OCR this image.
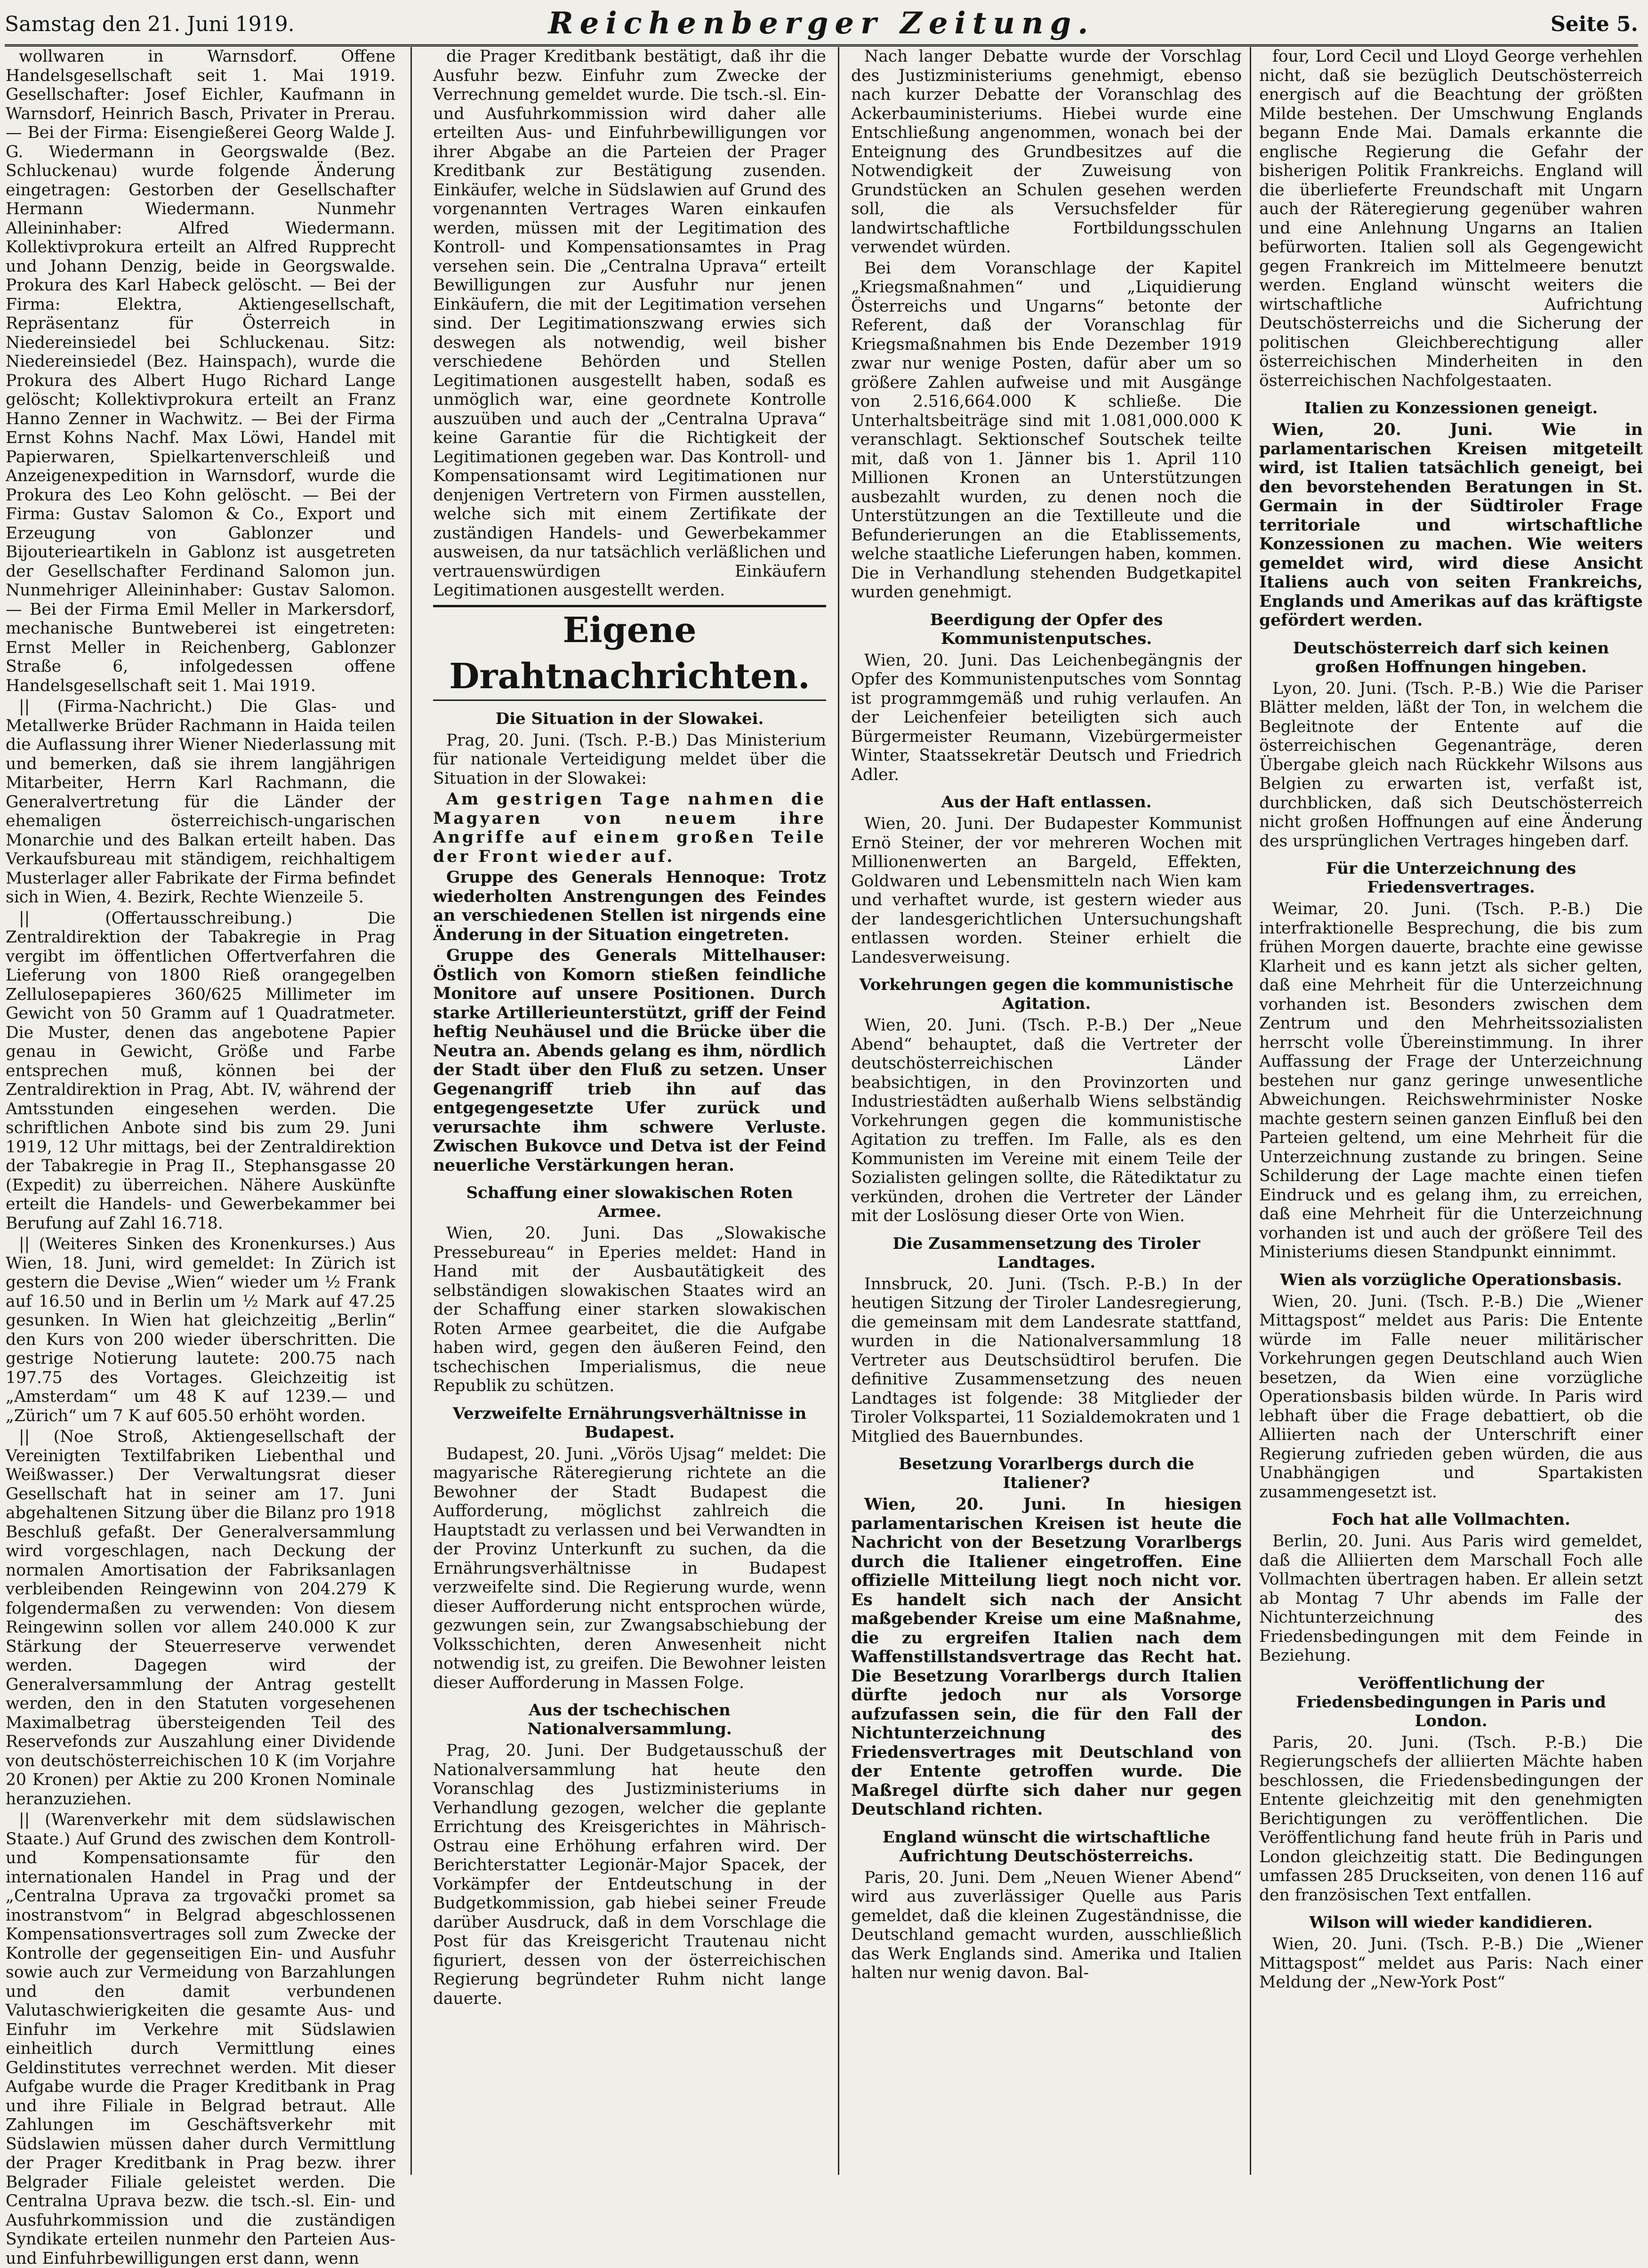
Samstag den 21. Juni 1919.	Reichenberger Zeitung.	Seite 5.

wollwaren in Warnsdorf. Offene Handelsgesellschaft seit 1. Mai 1919. Gesellschafter: Josef Eichler, Kaufmann in Warnsdorf, Heinrich Basch, Privater in Prerau. — Bei der Firma: Eisengießerei Georg Walde J. G. Wiedermann in Georgswalde (Bez. Schluckenau) wurde folgende Änderung eingetragen: Gestorben der Gesellschafter Hermann Wiedermann. Nunmehr Alleininhaber: Alfred Wiedermann. Kollektivprokura erteilt an Alfred Rupprecht und Johann Denzig, beide in Georgswalde. Prokura des Karl Habeck gelöscht. — Bei der Firma: Elektra, Aktiengesellschaft, Repräsentanz für Österreich in Niedereinsiedel bei Schluckenau. Sitz: Niedereinsiedel (Bez. Hainspach), wurde die Prokura des Albert Hugo Richard Lange gelöscht; Kollektivprokura erteilt an Franz Hanno Zenner in Wachwitz. — Bei der Firma Ernst Kohns Nachf. Max Löwi, Handel mit Papierwaren, Spielkartenverschleiß und Anzeigenexpedition in Warnsdorf, wurde die Prokura des Leo Kohn gelöscht. — Bei der Firma: Gustav Salomon & Co., Export und Erzeugung von Gablonzer und Bijouterieartikeln in Gablonz ist ausgetreten der Gesellschafter Ferdinand Salomon jun. Nunmehriger Alleininhaber: Gustav Salomon. — Bei der Firma Emil Meller in Markersdorf, mechanische Buntweberei ist eingetreten: Ernst Meller in Reichenberg, Gablonzer Straße 6, infolgedessen offene Handelsgesellschaft seit 1. Mai 1919.

|| (Firma-Nachricht.) Die Glas- und Metallwerke Brüder Rachmann in Haida teilen die Auflassung ihrer Wiener Niederlassung mit und bemerken, daß sie ihrem langjährigen Mitarbeiter, Herrn Karl Rachmann, die Generalvertretung für die Länder der ehemaligen österreichisch-ungarischen Monarchie und des Balkan erteilt haben. Das Verkaufsbureau mit ständigem, reichhaltigem Musterlager aller Fabrikate der Firma befindet sich in Wien, 4. Bezirk, Rechte Wienzeile 5.

|| (Offertausschreibung.) Die Zentraldirektion der Tabakregie in Prag vergibt im öffentlichen Offertverfahren die Lieferung von 1800 Rieß orangegelben Zellulosepapieres 360/625 Millimeter im Gewicht von 50 Gramm auf 1 Quadratmeter. Die Muster, denen das angebotene Papier genau in Gewicht, Größe und Farbe entsprechen muß, können bei der Zentraldirektion in Prag, Abt. IV, während der Amtsstunden eingesehen werden. Die schriftlichen Anbote sind bis zum 29. Juni 1919, 12 Uhr mittags, bei der Zentraldirektion der Tabakregie in Prag II., Stephansgasse 20 (Expedit) zu überreichen. Nähere Auskünfte erteilt die Handels- und Gewerbekammer bei Berufung auf Zahl 16.718.

|| (Weiteres Sinken des Kronenkurses.) Aus Wien, 18. Juni, wird gemeldet: In Zürich ist gestern die Devise „Wien“ wieder um ½ Frank auf 16.50 und in Berlin um ½ Mark auf 47.25 gesunken. In Wien hat gleichzeitig „Berlin“ den Kurs von 200 wieder überschritten. Die gestrige Notierung lautete: 200.75 nach 197.75 des Vortages. Gleichzeitig ist „Amsterdam“ um 48 K auf 1239.— und „Zürich“ um 7 K auf 605.50 erhöht worden.

|| (Noe Stroß, Aktiengesellschaft der Vereinigten Textilfabriken Liebenthal und Weißwasser.) Der Verwaltungsrat dieser Gesellschaft hat in seiner am 17. Juni abgehaltenen Sitzung über die Bilanz pro 1918 Beschluß gefaßt. Der Generalversammlung wird vorgeschlagen, nach Deckung der normalen Amortisation der Fabriksanlagen verbleibenden Reingewinn von 204.279 K folgendermaßen zu verwenden: Von diesem Reingewinn sollen vor allem 240.000 K zur Stärkung der Steuerreserve verwendet werden. Dagegen wird der Generalversammlung der Antrag gestellt werden, den in den Statuten vorgesehenen Maximalbetrag übersteigenden Teil des Reservefonds zur Auszahlung einer Dividende von deutschösterreichischen 10 K (im Vorjahre 20 Kronen) per Aktie zu 200 Kronen Nominale heranzuziehen.

|| (Warenverkehr mit dem südslawischen Staate.) Auf Grund des zwischen dem Kontroll- und Kompensationsamte für den internationalen Handel in Prag und der „Centralna Uprava za trgovački promet sa inostranstvom“ in Belgrad abgeschlossenen Kompensationsvertrages soll zum Zwecke der Kontrolle der gegenseitigen Ein- und Ausfuhr sowie auch zur Vermeidung von Barzahlungen und den damit verbundenen Valutaschwierigkeiten die gesamte Aus- und Einfuhr im Verkehre mit Südslawien einheitlich durch Vermittlung eines Geldinstitutes verrechnet werden. Mit dieser Aufgabe wurde die Prager Kreditbank in Prag und ihre Filiale in Belgrad betraut. Alle Zahlungen im Geschäftsverkehr mit Südslawien müssen daher durch Vermittlung der Prager Kreditbank in Prag bezw. ihrer Belgrader Filiale geleistet werden. Die Centralna Uprava bezw. die tsch.-sl. Ein- und Ausfuhrkommission und die zuständigen Syndikate erteilen nunmehr den Parteien Aus- und Einfuhrbewilligungen erst dann, wenn

die Prager Kreditbank bestätigt, daß ihr die Ausfuhr bezw. Einfuhr zum Zwecke der Verrechnung gemeldet wurde. Die tsch.-sl. Ein- und Ausfuhrkommission wird daher alle erteilten Aus- und Einfuhrbewilligungen vor ihrer Abgabe an die Parteien der Prager Kreditbank zur Bestätigung zusenden. Einkäufer, welche in Südslawien auf Grund des vorgenannten Vertrages Waren einkaufen werden, müssen mit der Legitimation des Kontroll- und Kompensationsamtes in Prag versehen sein. Die „Centralna Uprava“ erteilt Bewilligungen zur Ausfuhr nur jenen Einkäufern, die mit der Legitimation versehen sind. Der Legitimationszwang erwies sich deswegen als notwendig, weil bisher verschiedene Behörden und Stellen Legitimationen ausgestellt haben, sodaß es unmöglich war, eine geordnete Kontrolle auszuüben und auch der „Centralna Uprava“ keine Garantie für die Richtigkeit der Legitimationen gegeben war. Das Kontroll- und Kompensationsamt wird Legitimationen nur denjenigen Vertretern von Firmen ausstellen, welche sich mit einem Zertifikate der zuständigen Handels- und Gewerbekammer ausweisen, da nur tatsächlich verläßlichen und vertrauenswürdigen Einkäufern Legitimationen ausgestellt werden.

Eigene Drahtnachrichten.
Die Situation in der Slowakei.

Prag, 20. Juni. (Tsch. P.-B.) Das Ministerium für nationale Verteidigung meldet über die Situation in der Slowakei:

Am gestrigen Tage nahmen die Magyaren von neuem ihre Angriffe auf einem großen Teile der Front wieder auf.

Gruppe des Generals Hennoque: Trotz wiederholten Anstrengungen des Feindes an verschiedenen Stellen ist nirgends eine Änderung in der Situation eingetreten.

Gruppe des Generals Mittelhauser: Östlich von Komorn stießen feindliche Monitore auf unsere Positionen. Durch starke Artillerieunterstützt, griff der Feind heftig Neuhäusel und die Brücke über die Neutra an. Abends gelang es ihm, nördlich der Stadt über den Fluß zu setzen. Unser Gegenangriff trieb ihn auf das entgegengesetzte Ufer zurück und verursachte ihm schwere Verluste. Zwischen Bukovce und Detva ist der Feind neuerliche Verstärkungen heran.

Schaffung einer slowakischen Roten Armee.

Wien, 20. Juni. Das „Slowakische Pressebureau“ in Eperies meldet: Hand in Hand mit der Ausbautätigkeit des selbständigen slowakischen Staates wird an der Schaffung einer starken slowakischen Roten Armee gearbeitet, die die Aufgabe haben wird, gegen den äußeren Feind, den tschechischen Imperialismus, die neue Republik zu schützen.

Verzweifelte Ernährungsverhältnisse in Budapest.

Budapest, 20. Juni. „Vörös Ujsag“ meldet: Die magyarische Räteregierung richtete an die Bewohner der Stadt Budapest die Aufforderung, möglichst zahlreich die Hauptstadt zu verlassen und bei Verwandten in der Provinz Unterkunft zu suchen, da die Ernährungsverhältnisse in Budapest verzweifelte sind. Die Regierung wurde, wenn dieser Aufforderung nicht entsprochen würde, gezwungen sein, zur Zwangsabschiebung der Volksschichten, deren Anwesenheit nicht notwendig ist, zu greifen. Die Bewohner leisten dieser Aufforderung in Massen Folge.

Aus der tschechischen Nationalversammlung.

Prag, 20. Juni. Der Budgetausschuß der Nationalversammlung hat heute den Voranschlag des Justizministeriums in Verhandlung gezogen, welcher die geplante Errichtung des Kreisgerichtes in Mährisch-Ostrau eine Erhöhung erfahren wird. Der Berichterstatter Legionär-Major Spacek, der Vorkämpfer der Entdeutschung in der Budgetkommission, gab hiebei seiner Freude darüber Ausdruck, daß in dem Vorschlage die Post für das Kreisgericht Trautenau nicht figuriert, dessen von der österreichischen Regierung begründeter Ruhm nicht lange dauerte.

Nach langer Debatte wurde der Vorschlag des Justizministeriums genehmigt, ebenso nach kurzer Debatte der Voranschlag des Ackerbauministeriums. Hiebei wurde eine Entschließung angenommen, wonach bei der Enteignung des Grundbesitzes auf die Notwendigkeit der Zuweisung von Grundstücken an Schulen gesehen werden soll, die als Versuchsfelder für landwirtschaftliche Fortbildungsschulen verwendet würden.

Bei dem Voranschlage der Kapitel „Kriegsmaßnahmen“ und „Liquidierung Österreichs und Ungarns“ betonte der Referent, daß der Voranschlag für Kriegsmaßnahmen bis Ende Dezember 1919 zwar nur wenige Posten, dafür aber um so größere Zahlen aufweise und mit Ausgänge von 2.516,664.000 K schließe. Die Unterhaltsbeiträge sind mit 1.081,000.000 K veranschlagt. Sektionschef Soutschek teilte mit, daß von 1. Jänner bis 1. April 110 Millionen Kronen an Unterstützungen ausbezahlt wurden, zu denen noch die Unterstützungen an die Textilleute und die Befunderierungen an die Etablissements, welche staatliche Lieferungen haben, kommen. Die in Verhandlung stehenden Budgetkapitel wurden genehmigt.

Beerdigung der Opfer des Kommunistenputsches.

Wien, 20. Juni. Das Leichenbegängnis der Opfer des Kommunistenputsches vom Sonntag ist programmgemäß und ruhig verlaufen. An der Leichenfeier beteiligten sich auch Bürgermeister Reumann, Vizebürgermeister Winter, Staatssekretär Deutsch und Friedrich Adler.

Aus der Haft entlassen.

Wien, 20. Juni. Der Budapester Kommunist Ernö Steiner, der vor mehreren Wochen mit Millionenwerten an Bargeld, Effekten, Goldwaren und Lebensmitteln nach Wien kam und verhaftet wurde, ist gestern wieder aus der landesgerichtlichen Untersuchungshaft entlassen worden. Steiner erhielt die Landesverweisung.

Vorkehrungen gegen die kommunistische Agitation.

Wien, 20. Juni. (Tsch. P.-B.) Der „Neue Abend“ behauptet, daß die Vertreter der deutschösterreichischen Länder beabsichtigen, in den Provinzorten und Industriestädten außerhalb Wiens selbständig Vorkehrungen gegen die kommunistische Agitation zu treffen. Im Falle, als es den Kommunisten im Vereine mit einem Teile der Sozialisten gelingen sollte, die Rätediktatur zu verkünden, drohen die Vertreter der Länder mit der Loslösung dieser Orte von Wien.

Die Zusammensetzung des Tiroler Landtages.

Innsbruck, 20. Juni. (Tsch. P.-B.) In der heutigen Sitzung der Tiroler Landesregierung, die gemeinsam mit dem Landesrate stattfand, wurden in die Nationalversammlung 18 Vertreter aus Deutschsüdtirol berufen. Die definitive Zusammensetzung des neuen Landtages ist folgende: 38 Mitglieder der Tiroler Volkspartei, 11 Sozialdemokraten und 1 Mitglied des Bauernbundes.

Besetzung Vorarlbergs durch die Italiener?

Wien, 20. Juni. In hiesigen parlamentarischen Kreisen ist heute die Nachricht von der Besetzung Vorarlbergs durch die Italiener eingetroffen. Eine offizielle Mitteilung liegt noch nicht vor. Es handelt sich nach der Ansicht maßgebender Kreise um eine Maßnahme, die zu ergreifen Italien nach dem Waffenstillstandsvertrage das Recht hat. Die Besetzung Vorarlbergs durch Italien dürfte jedoch nur als Vorsorge aufzufassen sein, die für den Fall der Nichtunterzeichnung des Friedensvertrages mit Deutschland von der Entente getroffen wurde. Die Maßregel dürfte sich daher nur gegen Deutschland richten.

England wünscht die wirtschaftliche Aufrichtung Deutschösterreichs.

Paris, 20. Juni. Dem „Neuen Wiener Abend“ wird aus zuverlässiger Quelle aus Paris gemeldet, daß die kleinen Zugeständnisse, die Deutschland gemacht wurden, ausschließlich das Werk Englands sind. Amerika und Italien halten nur wenig davon. Bal-

four, Lord Cecil und Lloyd George verhehlen nicht, daß sie bezüglich Deutschösterreich energisch auf die Beachtung der größten Milde bestehen. Der Umschwung Englands begann Ende Mai. Damals erkannte die englische Regierung die Gefahr der bisherigen Politik Frankreichs. England will die überlieferte Freundschaft mit Ungarn auch der Räteregierung gegenüber wahren und eine Anlehnung Ungarns an Italien befürworten. Italien soll als Gegengewicht gegen Frankreich im Mittelmeere benutzt werden. England wünscht weiters die wirtschaftliche Aufrichtung Deutschösterreichs und die Sicherung der politischen Gleichberechtigung aller österreichischen Minderheiten in den österreichischen Nachfolgestaaten.

Italien zu Konzessionen geneigt.

Wien, 20. Juni. Wie in parlamentarischen Kreisen mitgeteilt wird, ist Italien tatsächlich geneigt, bei den bevorstehenden Beratungen in St. Germain in der Südtiroler Frage territoriale und wirtschaftliche Konzessionen zu machen. Wie weiters gemeldet wird, wird diese Ansicht Italiens auch von seiten Frankreichs, Englands und Amerikas auf das kräftigste gefördert werden.

Deutschösterreich darf sich keinen großen Hoffnungen hingeben.

Lyon, 20. Juni. (Tsch. P.-B.) Wie die Pariser Blätter melden, läßt der Ton, in welchem die Begleitnote der Entente auf die österreichischen Gegenanträge, deren Übergabe gleich nach Rückkehr Wilsons aus Belgien zu erwarten ist, verfaßt ist, durchblicken, daß sich Deutschösterreich nicht großen Hoffnungen auf eine Änderung des ursprünglichen Vertrages hingeben darf.

Für die Unterzeichnung des Friedensvertrages.

Weimar, 20. Juni. (Tsch. P.-B.) Die interfraktionelle Besprechung, die bis zum frühen Morgen dauerte, brachte eine gewisse Klarheit und es kann jetzt als sicher gelten, daß eine Mehrheit für die Unterzeichnung vorhanden ist. Besonders zwischen dem Zentrum und den Mehrheitssozialisten herrscht volle Übereinstimmung. In ihrer Auffassung der Frage der Unterzeichnung bestehen nur ganz geringe unwesentliche Abweichungen. Reichswehrminister Noske machte gestern seinen ganzen Einfluß bei den Parteien geltend, um eine Mehrheit für die Unterzeichnung zustande zu bringen. Seine Schilderung der Lage machte einen tiefen Eindruck und es gelang ihm, zu erreichen, daß eine Mehrheit für die Unterzeichnung vorhanden ist und auch der größere Teil des Ministeriums diesen Standpunkt einnimmt.

Wien als vorzügliche Operationsbasis.

Wien, 20. Juni. (Tsch. P.-B.) Die „Wiener Mittagspost“ meldet aus Paris: Die Entente würde im Falle neuer militärischer Vorkehrungen gegen Deutschland auch Wien besetzen, da Wien eine vorzügliche Operationsbasis bilden würde. In Paris wird lebhaft über die Frage debattiert, ob die Alliierten nach der Unterschrift einer Regierung zufrieden geben würden, die aus Unabhängigen und Spartakisten zusammengesetzt ist.

Foch hat alle Vollmachten.

Berlin, 20. Juni. Aus Paris wird gemeldet, daß die Alliierten dem Marschall Foch alle Vollmachten übertragen haben. Er allein setzt ab Montag 7 Uhr abends im Falle der Nichtunterzeichnung des Friedensbedingungen mit dem Feinde in Beziehung.

Veröffentlichung der Friedensbedingungen in Paris und London.

Paris, 20. Juni. (Tsch. P.-B.) Die Regierungschefs der alliierten Mächte haben beschlossen, die Friedensbedingungen der Entente gleichzeitig mit den genehmigten Berichtigungen zu veröffentlichen. Die Veröffentlichung fand heute früh in Paris und London gleichzeitig statt. Die Bedingungen umfassen 285 Druckseiten, von denen 116 auf den französischen Text entfallen.

Wilson will wieder kandidieren.

Wien, 20. Juni. (Tsch. P.-B.) Die „Wiener Mittagspost“ meldet aus Paris: Nach einer Meldung der „New-York Post“
